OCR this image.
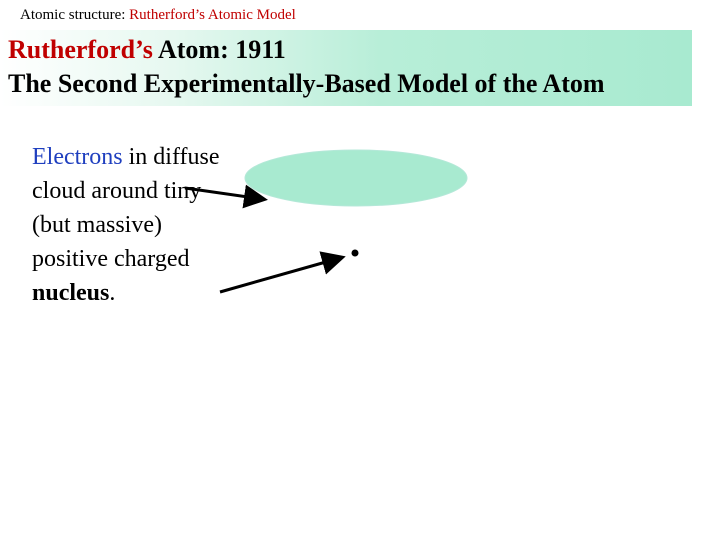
Atomic structure: Rutherford’s Atomic Model
Rutherford’s Atom: 1911
The Second Experimentally-Based Model of the Atom
Electrons in diffuse
cloud around tiny
(but massive)
positive charged
nucleus.
